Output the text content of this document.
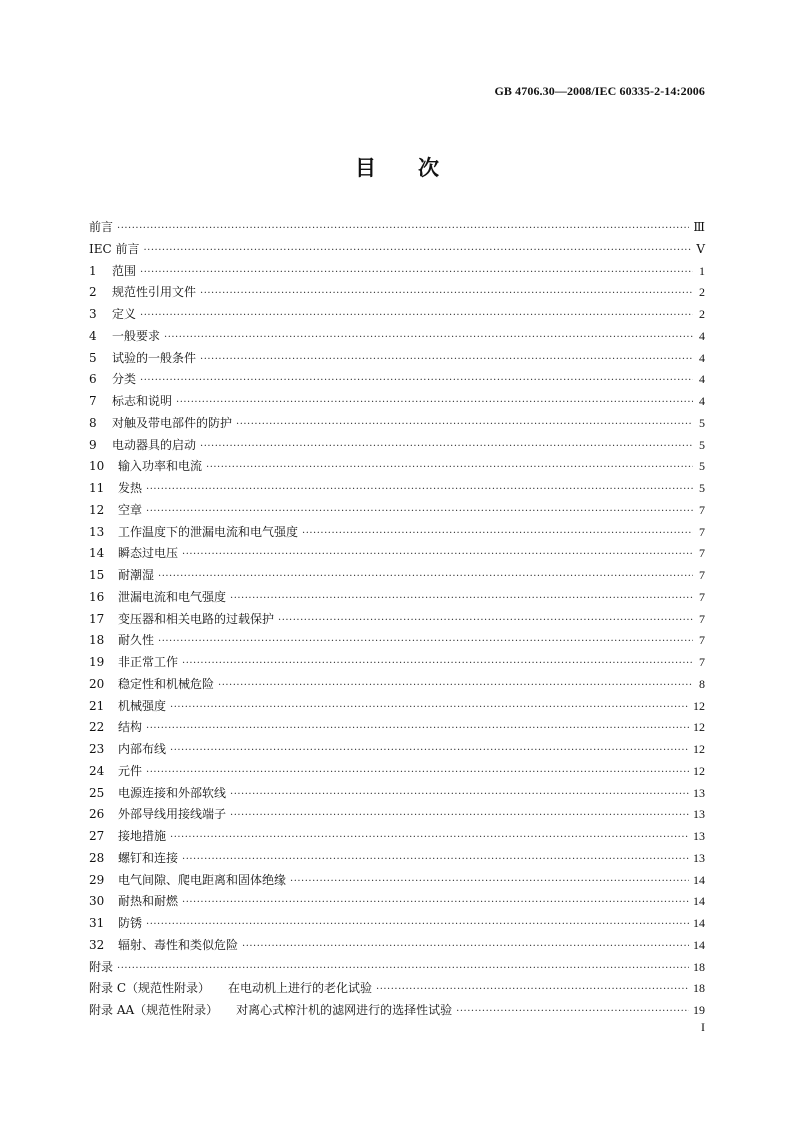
GB 4706.30—2008/IEC 60335-2-14:2006
目 次
前言 ·····	Ⅲ
IEC 前言 ·····	Ⅴ
1	范围 ·····	1
2	规范性引用文件 ·····	2
3	定义 ·····	2
4	一般要求 ·····	4
5	试验的一般条件 ·····	4
6	分类 ·····	4
7	标志和说明 ·····	4
8	对触及带电部件的防护 ·····	5
9	电动器具的启动 ·····	5
10	输入功率和电流 ·····	5
11	发热 ·····	5
12	空章 ·····	7
13	工作温度下的泄漏电流和电气强度 ·····	7
14	瞬态过电压 ·····	7
15	耐潮湿 ·····	7
16	泄漏电流和电气强度 ·····	7
17	变压器和相关电路的过载保护 ·····	7
18	耐久性 ·····	7
19	非正常工作 ·····	7
20	稳定性和机械危险 ·····	8
21	机械强度 ·····	12
22	结构 ·····	12
23	内部布线 ·····	12
24	元件 ·····	12
25	电源连接和外部软线 ·····	13
26	外部导线用接线端子 ·····	13
27	接地措施 ·····	13
28	螺钉和连接 ·····	13
29	电气间隙、爬电距离和固体绝缘 ·····	14
30	耐热和耐燃 ·····	14
31	防锈 ·····	14
32	辐射、毒性和类似危险 ·····	14
附录 ·····	18
附录 C（规范性附录） 在电动机上进行的老化试验 ·····	18
附录 AA（规范性附录） 对离心式榨汁机的滤网进行的选择性试验 ·····	19
I
